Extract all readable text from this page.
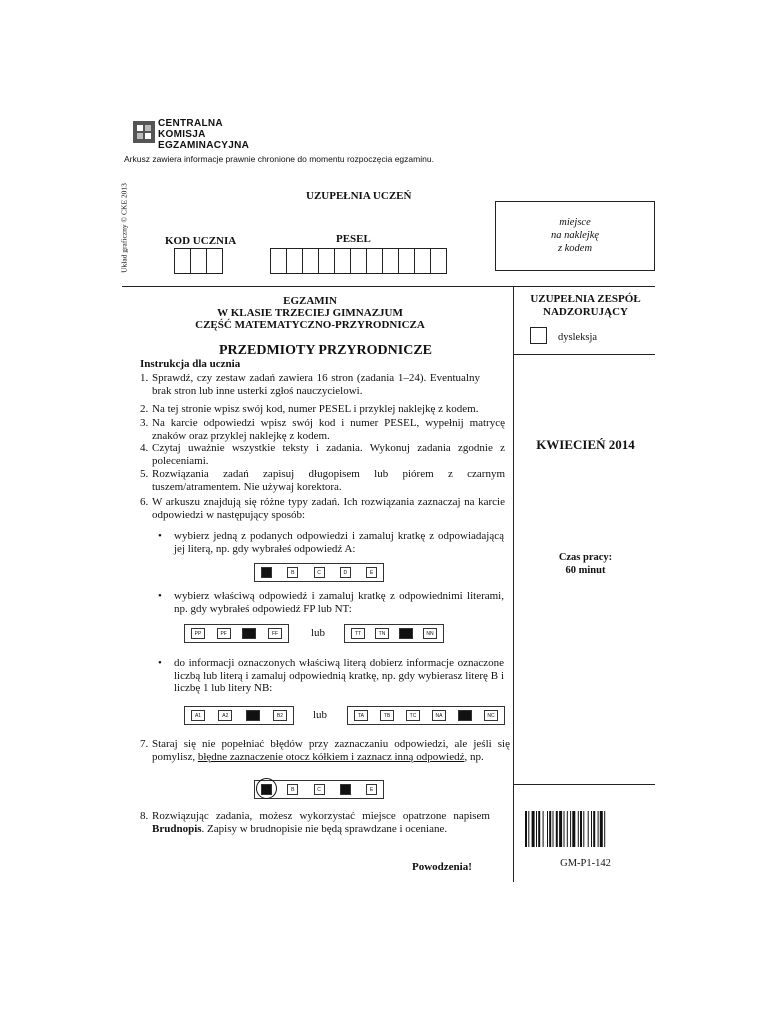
CENTRALNA
KOMISJA
EGZAMINACYJNA
Arkusz zawiera informacje prawnie chronione do momentu rozpoczęcia egzaminu.
Układ graficzny © CKE 2013	UZUPEŁNIA UCZEŃ
KOD UCZNIA	PESEL
miejsce
na naklejkę
z kodem
EGZAMIN
W KLASIE TRZECIEJ GIMNAZJUM
CZĘŚĆ MATEMATYCZNO-PRZYRODNICZA
PRZEDMIOTY PRZYRODNICZE
UZUPEŁNIA ZESPÓŁ
NADZORUJĄCY
dysleksja
KWIECIEŃ 2014
Czas pracy:
60 minut
Instrukcja dla ucznia
1. Sprawdź, czy zestaw zadań zawiera 16 stron (zadania 1–24). Eventualny brak stron lub inne usterki zgłoś nauczycielowi.
2. Na tej stronie wpisz swój kod, numer PESEL i przyklej naklejkę z kodem.
3. Na karcie odpowiedzi wpisz swój kod i numer PESEL, wypełnij matrycę znaków oraz przyklej naklejkę z kodem.
4. Czytaj uważnie wszystkie teksty i zadania. Wykonuj zadania zgodnie z poleceniami.
5. Rozwiązania zadań zapisuj długopisem lub piórem z czarnym tuszem/atramentem. Nie używaj korektora.
6. W arkuszu znajdują się różne typy zadań. Ich rozwiązania zaznaczaj na karcie odpowiedzi w następujący sposób:
• wybierz jedną z podanych odpowiedzi i zamaluj kratkę z odpowiadającą jej literą, np. gdy wybrałeś odpowiedź A:
B	C	D	E
• wybierz właściwą odpowiedź i zamaluj kratkę z odpowiednimi literami, np. gdy wybrałeś odpowiedź FP lub NT:
PP	PF	FF	lub	TT	TN	NN
• do informacji oznaczonych właściwą literą dobierz informacje oznaczone liczbą lub literą i zamaluj odpowiednią kratkę, np. gdy wybierasz literę B i liczbę 1 lub litery NB:
A1	A2	B2	lub	TA	TB	TC	NA	NC
7. Staraj się nie popełniać błędów przy zaznaczaniu odpowiedzi, ale jeśli się pomylisz, błędne zaznaczenie otocz kółkiem i zaznacz inną odpowiedź, np.
B	C	E
8. Rozwiązując zadania, możesz wykorzystać miejsce opatrzone napisem Brudnopis. Zapisy w brudnopisie nie będą sprawdzane i oceniane.
Powodzenia!	GM-P1-142
